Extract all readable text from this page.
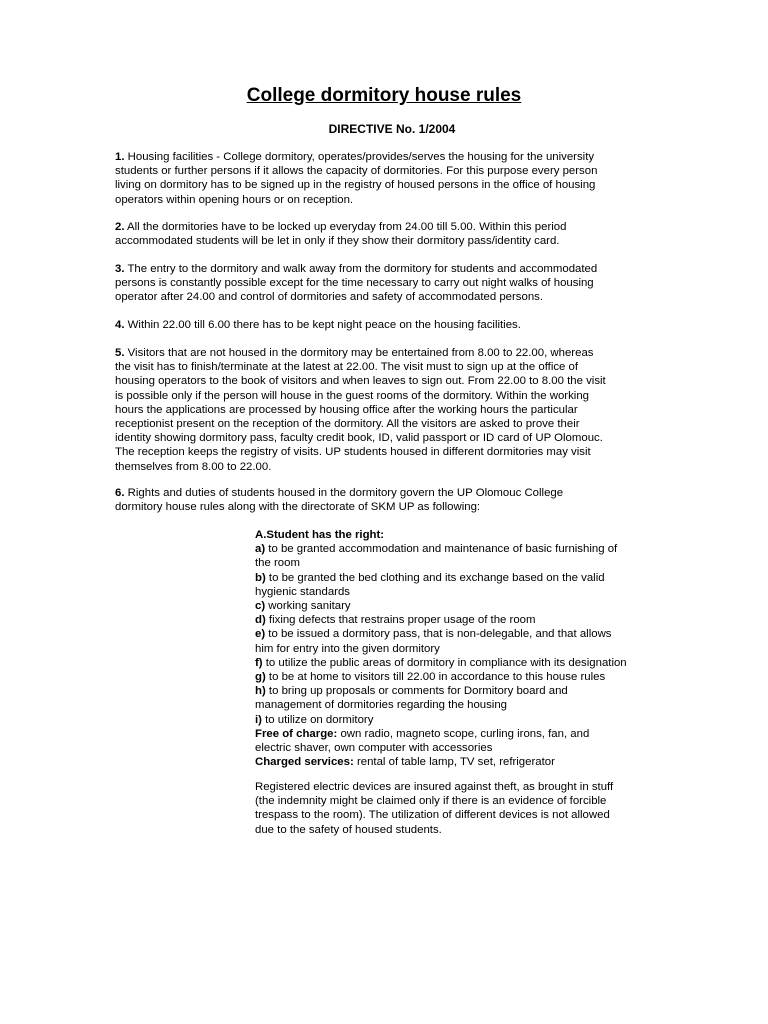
College dormitory house rules
DIRECTIVE No. 1/2004

1. Housing facilities - College dormitory, operates/provides/serves the housing for the university
students or further persons if it allows the capacity of dormitories. For this purpose every person
living on dormitory has to be signed up in the registry of housed persons in the office of housing
operators within opening hours or on reception.

2. All the dormitories have to be locked up everyday from 24.00 till 5.00. Within this period
accommodated students will be let in only if they show their dormitory pass/identity card.

3. The entry to the dormitory and walk away from the dormitory for students and accommodated
persons is constantly possible except for the time necessary to carry out night walks of housing
operator after 24.00 and control of dormitories and safety of accommodated persons.

4. Within 22.00 till 6.00 there has to be kept night peace on the housing facilities.

5. Visitors that are not housed in the dormitory may be entertained from 8.00 to 22.00, whereas
the visit has to finish/terminate at the latest at 22.00. The visit must to sign up at the office of
housing operators to the book of visitors and when leaves to sign out. From 22.00 to 8.00 the visit
is possible only if the person will house in the guest rooms of the dormitory. Within the working
hours the applications are processed by housing office after the working hours the particular
receptionist present on the reception of the dormitory. All the visitors are asked to prove their
identity showing dormitory pass, faculty credit book, ID, valid passport or ID card of UP Olomouc.
The reception keeps the registry of visits. UP students housed in different dormitories may visit
themselves from 8.00 to 22.00.

6. Rights and duties of students housed in the dormitory govern the UP Olomouc College
dormitory house rules along with the directorate of SKM UP as following:

A.Student has the right:
a) to be granted accommodation and maintenance of basic furnishing of
the room
b) to be granted the bed clothing and its exchange based on the valid
hygienic standards
c) working sanitary
d) fixing defects that restrains proper usage of the room
e) to be issued a dormitory pass, that is non-delegable, and that allows
him for entry into the given dormitory
f) to utilize the public areas of dormitory in compliance with its designation
g) to be at home to visitors till 22.00 in accordance to this house rules
h) to bring up proposals or comments for Dormitory board and
management of dormitories regarding the housing
i) to utilize on dormitory
Free of charge: own radio, magneto scope, curling irons, fan, and
electric shaver, own computer with accessories
Charged services: rental of table lamp, TV set, refrigerator
Registered electric devices are insured against theft, as brought in stuff
(the indemnity might be claimed only if there is an evidence of forcible
trespass to the room). The utilization of different devices is not allowed
due to the safety of housed students.
